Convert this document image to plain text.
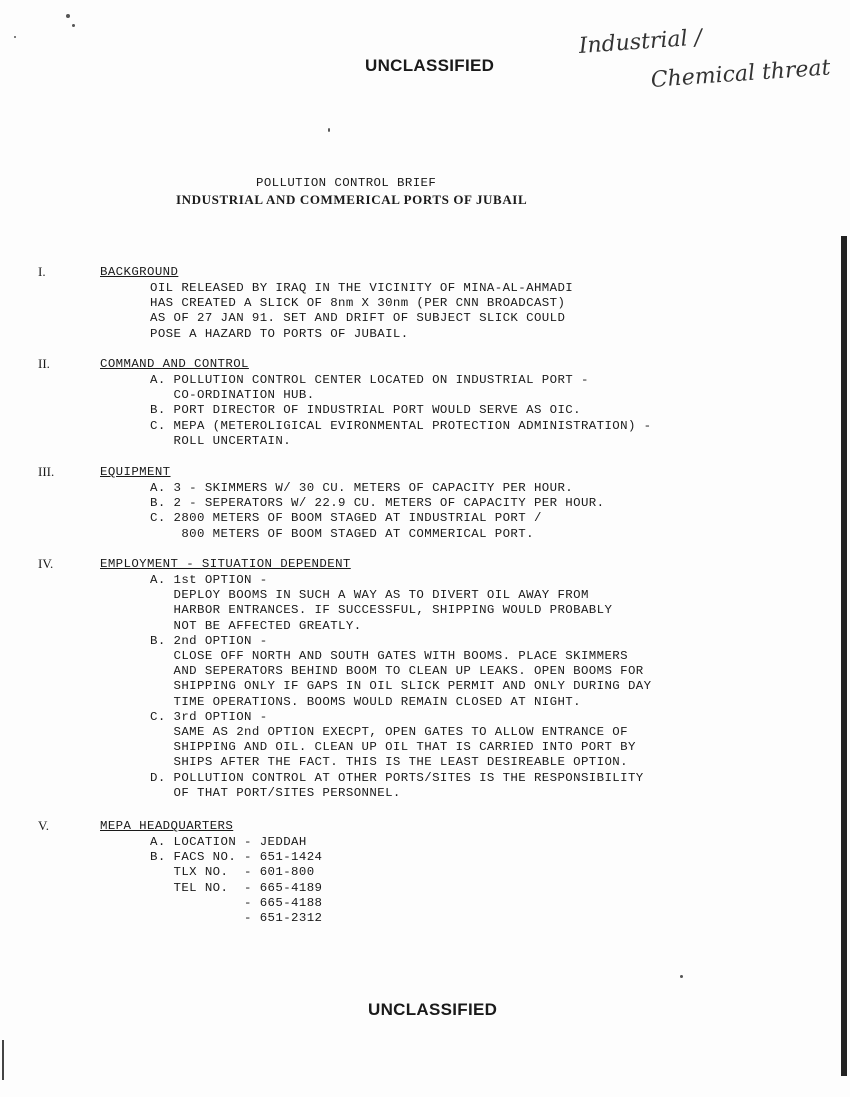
UNCLASSIFIED
Industrial /
Chemical threat
POLLUTION CONTROL BRIEF
INDUSTRIAL AND COMMERICAL PORTS OF JUBAIL
I.	BACKGROUND
OIL RELEASED BY IRAQ IN THE VICINITY OF MINA-AL-AHMADI
HAS CREATED A SLICK OF 8nm X 30nm (PER CNN BROADCAST)
AS OF 27 JAN 91. SET AND DRIFT OF SUBJECT SLICK COULD
POSE A HAZARD TO PORTS OF JUBAIL.
II.	COMMAND AND CONTROL
A. POLLUTION CONTROL CENTER LOCATED ON INDUSTRIAL PORT -
CO-ORDINATION HUB.
B. PORT DIRECTOR OF INDUSTRIAL PORT WOULD SERVE AS OIC.
C. MEPA (METEROLIGICAL EVIRONMENTAL PROTECTION ADMINISTRATION) -
ROLL UNCERTAIN.
III.	EQUIPMENT
A. 3 - SKIMMERS W/ 30 CU. METERS OF CAPACITY PER HOUR.
B. 2 - SEPERATORS W/ 22.9 CU. METERS OF CAPACITY PER HOUR.
C. 2800 METERS OF BOOM STAGED AT INDUSTRIAL PORT /
800 METERS OF BOOM STAGED AT COMMERICAL PORT.
IV.	EMPLOYMENT - SITUATION DEPENDENT
A. 1st OPTION -
DEPLOY BOOMS IN SUCH A WAY AS TO DIVERT OIL AWAY FROM
HARBOR ENTRANCES. IF SUCCESSFUL, SHIPPING WOULD PROBABLY
NOT BE AFFECTED GREATLY.
B. 2nd OPTION -
CLOSE OFF NORTH AND SOUTH GATES WITH BOOMS. PLACE SKIMMERS
AND SEPERATORS BEHIND BOOM TO CLEAN UP LEAKS. OPEN BOOMS FOR
SHIPPING ONLY IF GAPS IN OIL SLICK PERMIT AND ONLY DURING DAY
TIME OPERATIONS. BOOMS WOULD REMAIN CLOSED AT NIGHT.
C. 3rd OPTION -
SAME AS 2nd OPTION EXECPT, OPEN GATES TO ALLOW ENTRANCE OF
SHIPPING AND OIL. CLEAN UP OIL THAT IS CARRIED INTO PORT BY
SHIPS AFTER THE FACT. THIS IS THE LEAST DESIREABLE OPTION.
D. POLLUTION CONTROL AT OTHER PORTS/SITES IS THE RESPONSIBILITY
OF THAT PORT/SITES PERSONNEL.
V.	MEPA HEADQUARTERS
A. LOCATION - JEDDAH
B. FACS NO. - 651-1424
TLX NO.  - 601-800
TEL NO.  - 665-4189
- 665-4188
- 651-2312
UNCLASSIFIED
